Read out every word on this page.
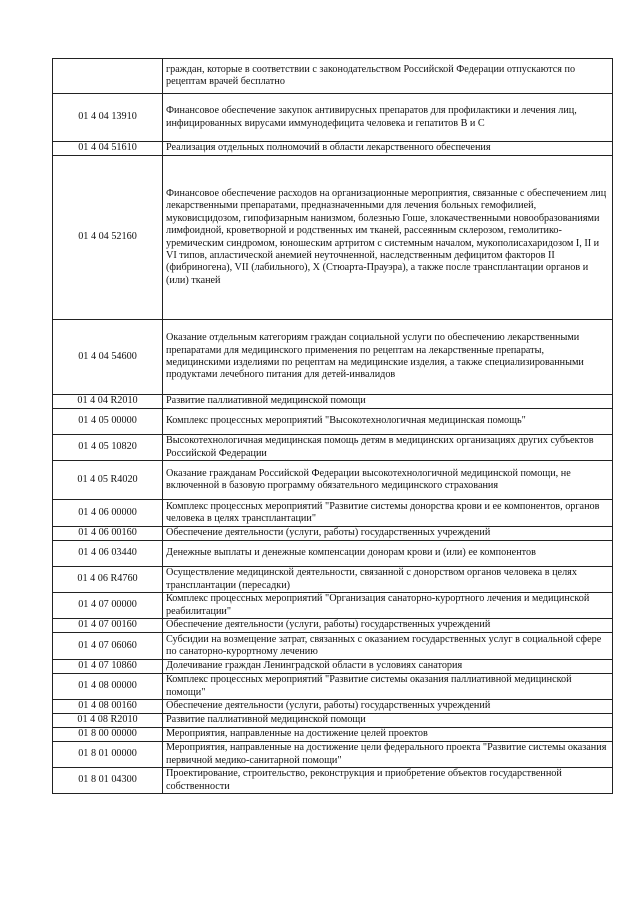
	граждан, которые в соответствии с законодательством Российской Федерации отпускаются по рецептам врачей бесплатно
01 4 04 13910	Финансовое обеспечение закупок антивирусных препаратов для профилактики и лечения лиц, инфицированных вирусами иммунодефицита человека и гепатитов В и С
01 4 04 51610	Реализация отдельных полномочий в области лекарственного обеспечения
01 4 04 52160	Финансовое обеспечение расходов на организационные мероприятия, связанные с обеспечением лиц лекарственными препаратами, предназначенными для лечения больных гемофилией, муковисцидозом, гипофизарным нанизмом, болезнью Гоше, злокачественными новообразованиями лимфоидной, кроветворной и родственных им тканей, рассеянным склерозом, гемолитико-уремическим синдромом, юношеским артритом с системным началом, мукополисахаридозом I, II и VI типов, апластической анемией неуточненной, наследственным дефицитом факторов II (фибриногена), VII (лабильного), X (Стюарта-Прауэра), а также после трансплантации органов и (или) тканей
01 4 04 54600	Оказание отдельным категориям граждан социальной услуги по обеспечению лекарственными препаратами для медицинского применения по рецептам на лекарственные препараты, медицинскими изделиями по рецептам на медицинские изделия, а также специализированными продуктами лечебного питания для детей-инвалидов
01 4 04 R2010	Развитие паллиативной медицинской помощи
01 4 05 00000	Комплекс процессных мероприятий "Высокотехнологичная медицинская помощь"
01 4 05 10820	Высокотехнологичная медицинская помощь детям в медицинских организациях других субъектов Российской Федерации
01 4 05 R4020	Оказание гражданам Российской Федерации высокотехнологичной медицинской помощи, не включенной в базовую программу обязательного медицинского страхования
01 4 06 00000	Комплекс процессных мероприятий "Развитие системы донорства крови и ее компонентов, органов человека в целях трансплантации"
01 4 06 00160	Обеспечение деятельности (услуги, работы) государственных учреждений
01 4 06 03440	Денежные выплаты и денежные компенсации донорам крови и (или) ее компонентов
01 4 06 R4760	Осуществление медицинской деятельности, связанной с донорством органов человека в целях трансплантации (пересадки)
01 4 07 00000	Комплекс процессных мероприятий "Организация санаторно-курортного лечения и медицинской реабилитации"
01 4 07 00160	Обеспечение деятельности (услуги, работы) государственных учреждений
01 4 07 06060	Субсидии на возмещение затрат, связанных с оказанием государственных услуг в социальной сфере по санаторно-курортному лечению
01 4 07 10860	Долечивание граждан Ленинградской области в условиях санатория
01 4 08 00000	Комплекс процессных мероприятий "Развитие системы оказания паллиативной медицинской помощи"
01 4 08 00160	Обеспечение деятельности (услуги, работы) государственных учреждений
01 4 08 R2010	Развитие паллиативной медицинской помощи
01 8 00 00000	Мероприятия, направленные на достижение целей проектов
01 8 01 00000	Мероприятия, направленные на достижение цели федерального проекта "Развитие системы оказания первичной медико-санитарной помощи"
01 8 01 04300	Проектирование, строительство, реконструкция и приобретение объектов государственной собственности
